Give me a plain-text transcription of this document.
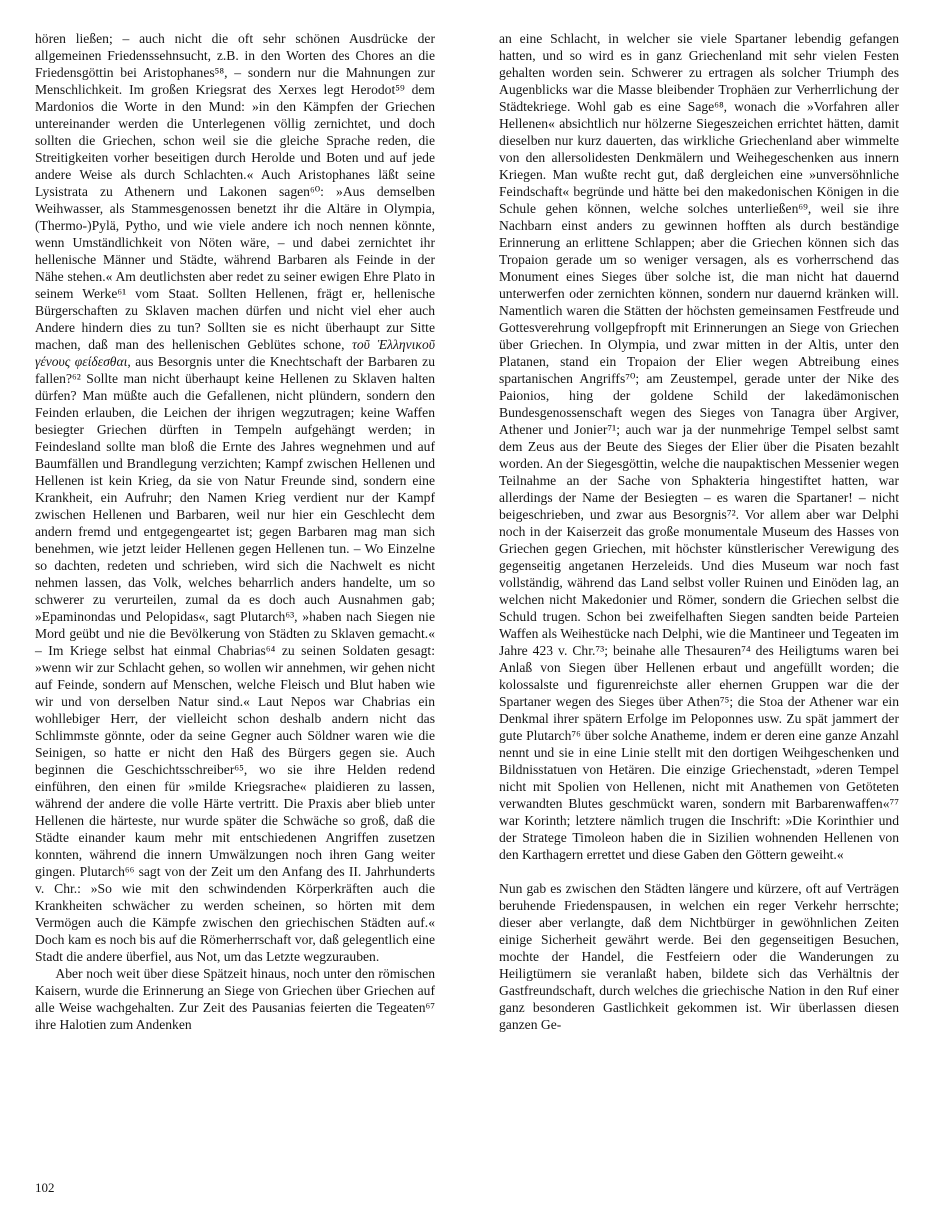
hören ließen; – auch nicht die oft sehr schönen Ausdrücke der allgemeinen Friedenssehnsucht, z.B. in den Worten des Chores an die Friedensgöttin bei Aristophanes⁵⁸, – sondern nur die Mahnungen zur Menschlichkeit. Im großen Kriegsrat des Xerxes legt Herodot⁵⁹ dem Mardonios die Worte in den Mund: »in den Kämpfen der Griechen untereinander werden die Unterlegenen völlig zernichtet, und doch sollten die Griechen, schon weil sie die gleiche Sprache reden, die Streitigkeiten vorher beseitigen durch Herolde und Boten und auf jede andere Weise als durch Schlachten.« Auch Aristophanes läßt seine Lysistrata zu Athenern und Lakonen sagen⁶⁰: »Aus demselben Weihwasser, als Stammesgenossen benetzt ihr die Altäre in Olympia, (Thermo-)Pylä, Pytho, und wie viele andere ich noch nennen könnte, wenn Umständlichkeit von Nöten wäre, – und dabei zernichtet ihr hellenische Männer und Städte, während Barbaren als Feinde in der Nähe stehen.« Am deutlichsten aber redet zu seiner ewigen Ehre Plato in seinem Werke⁶¹ vom Staat. Sollten Hellenen, frägt er, hellenische Bürgerschaften zu Sklaven machen dürfen und nicht viel eher auch Andere hindern dies zu tun? Sollten sie es nicht überhaupt zur Sitte machen, daß man des hellenischen Geblütes schone, τοῦ Ἑλληνικοῦ γένους φείδεσθαι, aus Besorgnis unter die Knechtschaft der Barbaren zu fallen?⁶² Sollte man nicht überhaupt keine Hellenen zu Sklaven halten dürfen? Man müßte auch die Gefallenen, nicht plündern, sondern den Feinden erlauben, die Leichen der ihrigen wegzutragen; keine Waffen besiegter Griechen dürften in Tempeln aufgehängt werden; in Feindesland sollte man bloß die Ernte des Jahres wegnehmen und auf Baumfällen und Brandlegung verzichten; Kampf zwischen Hellenen und Hellenen ist kein Krieg, da sie von Natur Freunde sind, sondern eine Krankheit, ein Aufruhr; den Namen Krieg verdient nur der Kampf zwischen Hellenen und Barbaren, weil nur hier ein Geschlecht dem andern fremd und entgegengeartet ist; gegen Barbaren mag man sich benehmen, wie jetzt leider Hellenen gegen Hellenen tun. – Wo Einzelne so dachten, redeten und schrieben, wird sich die Nachwelt es nicht nehmen lassen, das Volk, welches beharrlich anders handelte, um so schwerer zu verurteilen, zumal da es doch auch Ausnahmen gab; »Epaminondas und Pelopidas«, sagt Plutarch⁶³, »haben nach Siegen nie Mord geübt und nie die Bevölkerung von Städten zu Sklaven gemacht.« – Im Kriege selbst hat einmal Chabrias⁶⁴ zu seinen Soldaten gesagt: »wenn wir zur Schlacht gehen, so wollen wir annehmen, wir gehen nicht auf Feinde, sondern auf Menschen, welche Fleisch und Blut haben wie wir und von derselben Natur sind.« Laut Nepos war Chabrias ein wohllebiger Herr, der vielleicht schon deshalb andern nicht das Schlimmste gönnte, oder da seine Gegner auch Söldner waren wie die Seinigen, so hatte er nicht den Haß des Bürgers gegen sie. Auch beginnen die Geschichtsschreiber⁶⁵, wo sie ihre Helden redend einführen, den einen für »milde Kriegsrache« plaidieren zu lassen, während der andere die volle Härte vertritt. Die Praxis aber blieb unter Hellenen die härteste, nur wurde später die Schwäche so groß, daß die Städte einander kaum mehr mit entschiedenen Angriffen zusetzen konnten, während die innern Umwälzungen noch ihren Gang weiter gingen. Plutarch⁶⁶ sagt von der Zeit um den Anfang des II. Jahrhunderts v. Chr.: »So wie mit den schwindenden Körperkräften auch die Krankheiten schwächer zu werden scheinen, so hörten mit dem Vermögen auch die Kämpfe zwischen den griechischen Städten auf.« Doch kam es noch bis auf die Römerherrschaft vor, daß gelegentlich eine Stadt die andere überfiel, aus Not, um das Letzte wegzurauben.

Aber noch weit über diese Spätzeit hinaus, noch unter den römischen Kaisern, wurde die Erinnerung an Siege von Griechen über Griechen auf alle Weise wachgehalten. Zur Zeit des Pausanias feierten die Tegeaten⁶⁷ ihre Halotien zum Andenken

an eine Schlacht, in welcher sie viele Spartaner lebendig gefangen hatten, und so wird es in ganz Griechenland mit sehr vielen Festen gehalten worden sein. Schwerer zu ertragen als solcher Triumph des Augenblicks war die Masse bleibender Trophäen zur Verherrlichung der Städtekriege. Wohl gab es eine Sage⁶⁸, wonach die »Vorfahren aller Hellenen« absichtlich nur hölzerne Siegeszeichen errichtet hätten, damit dieselben nur kurz dauerten, das wirkliche Griechenland aber wimmelte von den allersolidesten Denkmälern und Weihegeschenken aus innern Kriegen. Man wußte recht gut, daß dergleichen eine »unversöhnliche Feindschaft« begründe und hätte bei den makedonischen Königen in die Schule gehen können, welche solches unterließen⁶⁹, weil sie ihre Nachbarn einst anders zu gewinnen hofften als durch beständige Erinnerung an erlittene Schlappen; aber die Griechen können sich das Tropaion gerade um so weniger versagen, als es vorherrschend das Monument eines Sieges über solche ist, die man nicht hat dauernd unterwerfen oder zernichten können, sondern nur dauernd kränken will. Namentlich waren die Stätten der höchsten gemeinsamen Festfreude und Gottesverehrung vollgepfropft mit Erinnerungen an Siege von Griechen über Griechen. In Olympia, und zwar mitten in der Altis, unter den Platanen, stand ein Tropaion der Elier wegen Abtreibung eines spartanischen Angriffs⁷⁰; am Zeustempel, gerade unter der Nike des Paionios, hing der goldene Schild der lakedämonischen Bundesgenossenschaft wegen des Sieges von Tanagra über Argiver, Athener und Jonier⁷¹; auch war ja der nunmehrige Tempel selbst samt dem Zeus aus der Beute des Sieges der Elier über die Pisaten bezahlt worden. An der Siegesgöttin, welche die naupaktischen Messenier wegen Teilnahme an der Sache von Sphakteria hingestiftet hatten, war allerdings der Name der Besiegten – es waren die Spartaner! – nicht beigeschrieben, und zwar aus Besorgnis⁷². Vor allem aber war Delphi noch in der Kaiserzeit das große monumentale Museum des Hasses von Griechen gegen Griechen, mit höchster künstlerischer Verewigung des gegenseitig angetanen Herzeleids. Und dies Museum war noch fast vollständig, während das Land selbst voller Ruinen und Einöden lag, an welchen nicht Makedonier und Römer, sondern die Griechen selbst die Schuld trugen. Schon bei zweifelhaften Siegen sandten beide Parteien Waffen als Weihestücke nach Delphi, wie die Mantineer und Tegeaten im Jahre 423 v. Chr.⁷³; beinahe alle Thesauren⁷⁴ des Heiligtums waren bei Anlaß von Siegen über Hellenen erbaut und angefüllt worden; die kolossalste und figurenreichste aller ehernen Gruppen war die der Spartaner wegen des Sieges über Athen⁷⁵; die Stoa der Athener war ein Denkmal ihrer spätern Erfolge im Peloponnes usw. Zu spät jammert der gute Plutarch⁷⁶ über solche Anatheme, indem er deren eine ganze Anzahl nennt und sie in eine Linie stellt mit den dortigen Weihgeschenken und Bildnisstatuen von Hetären. Die einzige Griechenstadt, »deren Tempel nicht mit Spolien von Hellenen, nicht mit Anathemen von Getöteten verwandten Blutes geschmückt waren, sondern mit Barbarenwaffen«⁷⁷ war Korinth; letztere nämlich trugen die Inschrift: »Die Korinthier und der Stratege Timoleon haben die in Sizilien wohnenden Hellenen von den Karthagern errettet und diese Gaben den Göttern geweiht.«

Nun gab es zwischen den Städten längere und kürzere, oft auf Verträgen beruhende Friedenspausen, in welchen ein reger Verkehr herrschte; dieser aber verlangte, daß dem Nichtbürger in gewöhnlichen Zeiten einige Sicherheit gewährt werde. Bei den gegenseitigen Besuchen, mochte der Handel, die Festfeiern oder die Wanderungen zu Heiligtümern sie veranlaßt haben, bildete sich das Verhältnis der Gastfreundschaft, durch welches die griechische Nation in den Ruf einer ganz besonderen Gastlichkeit gekommen ist. Wir überlassen diesen ganzen Ge-

102
